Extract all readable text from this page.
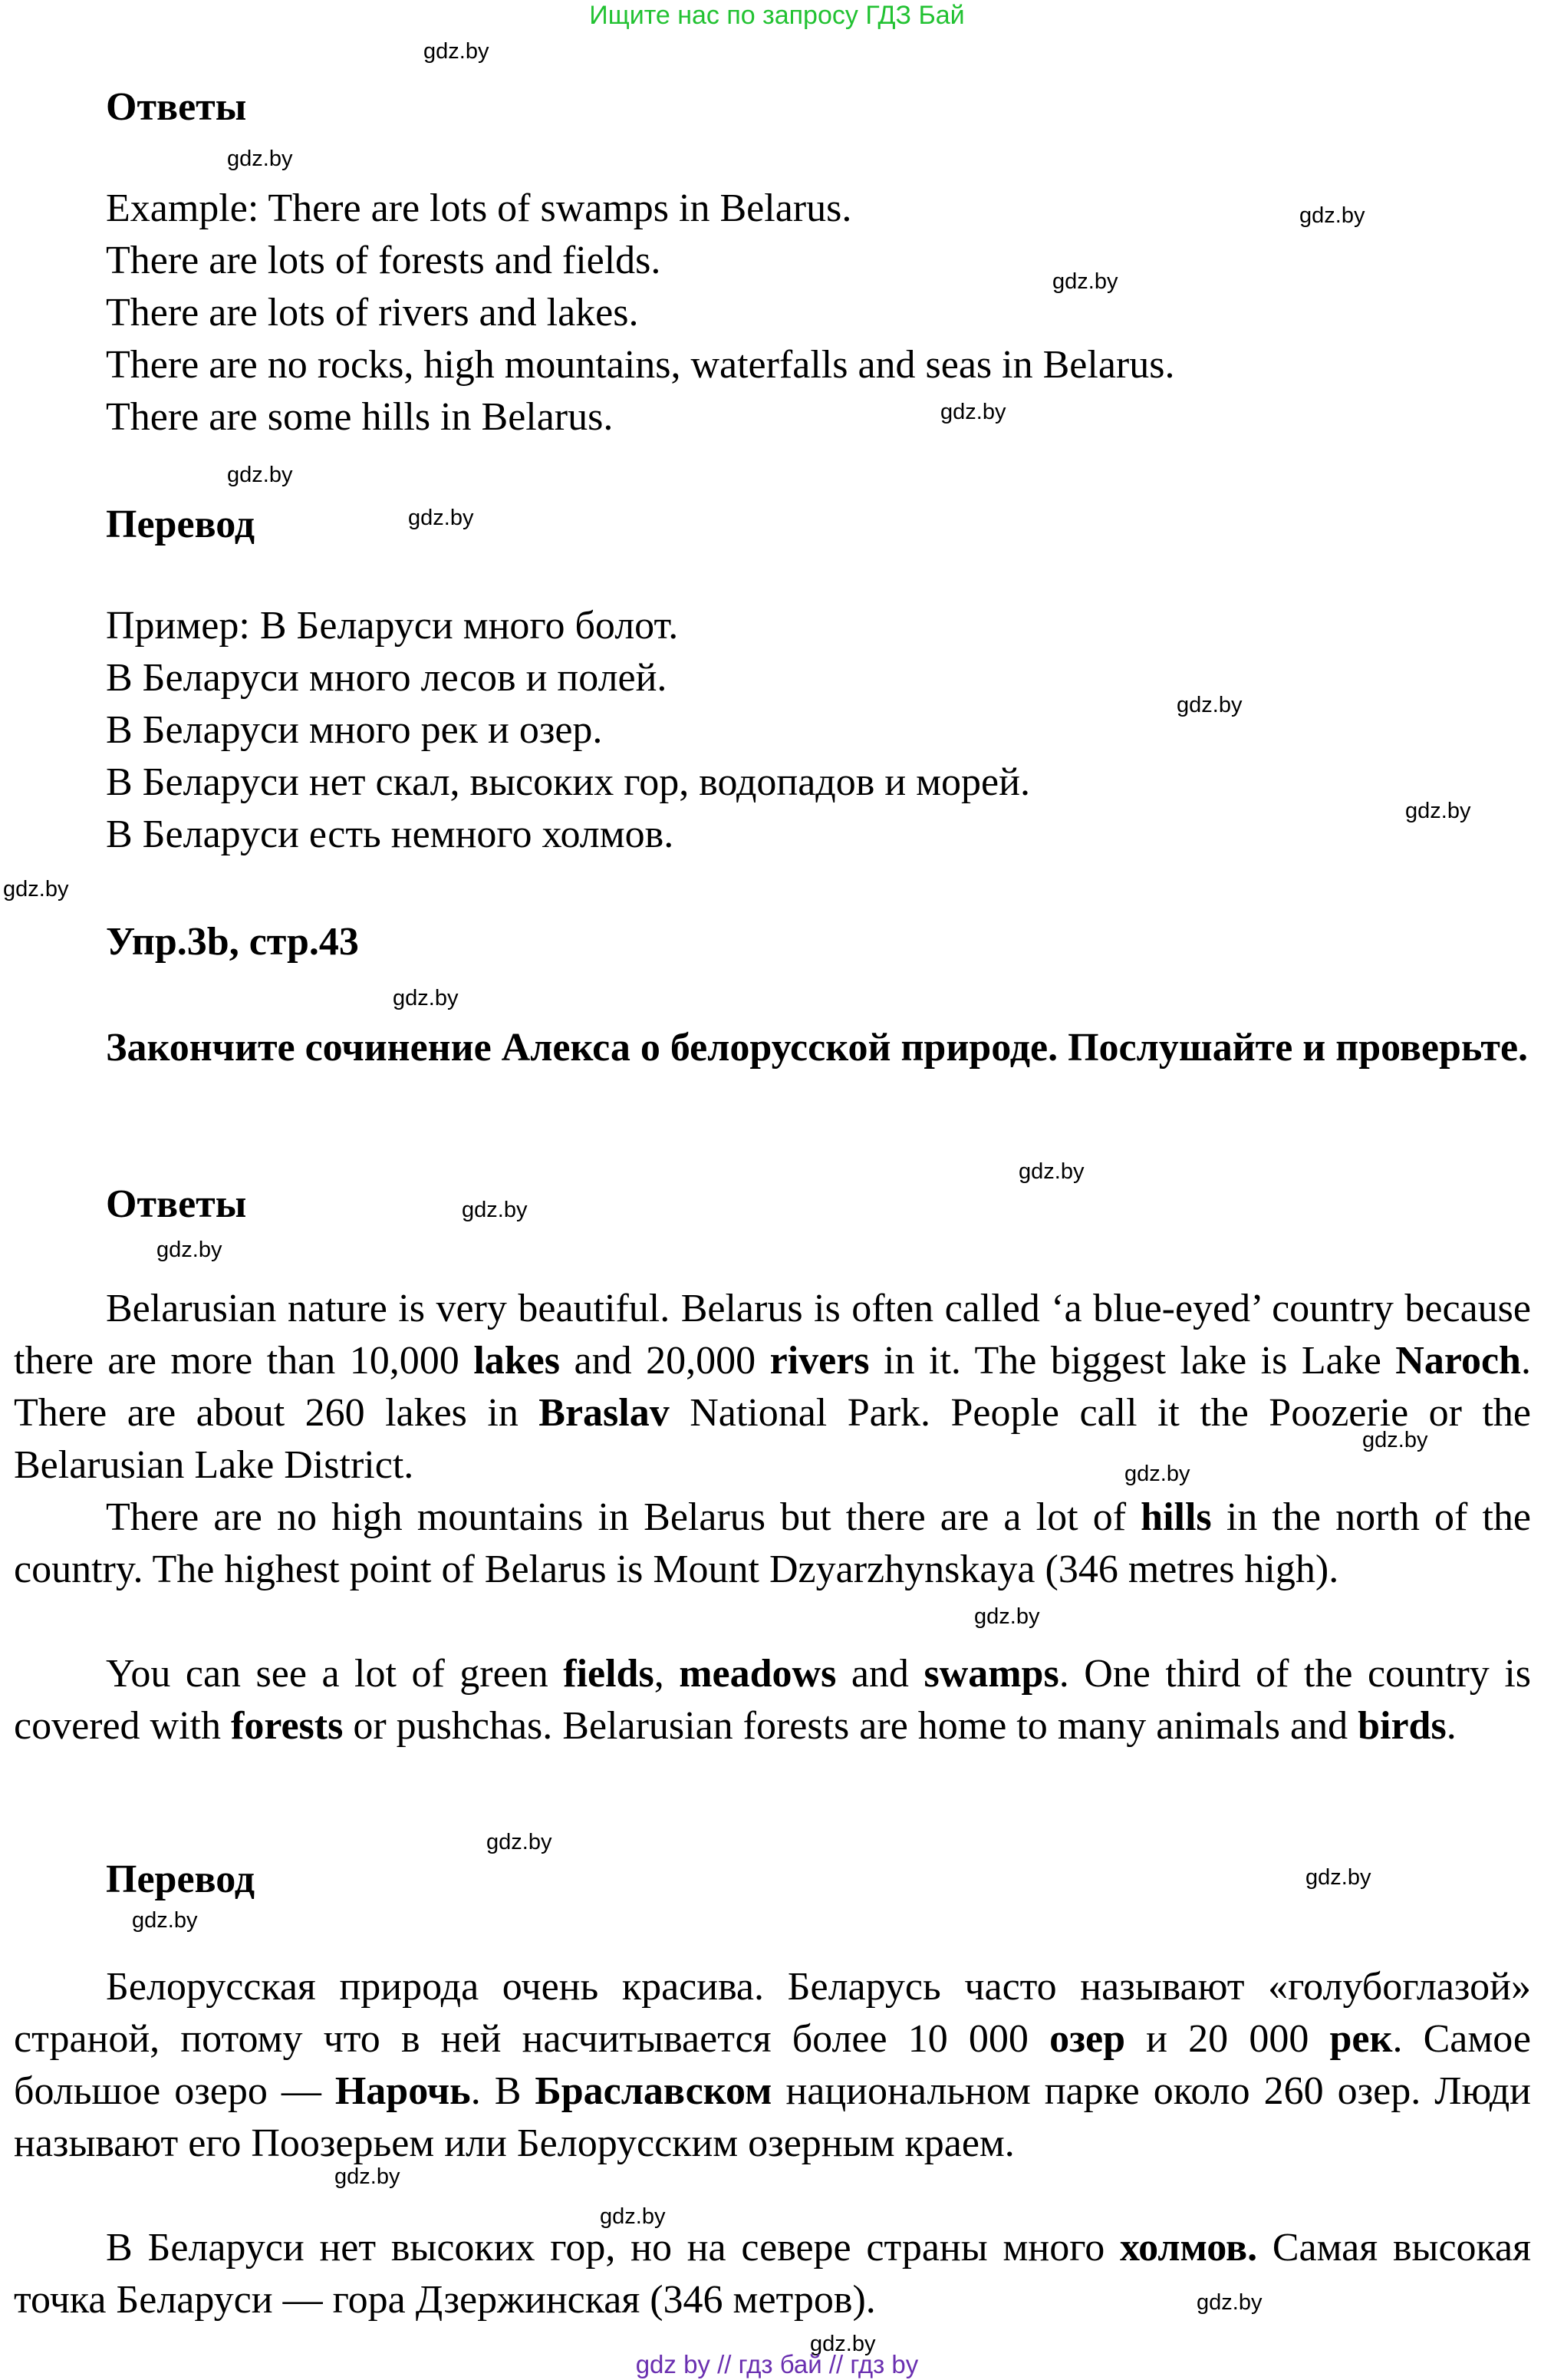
Ищите нас по запросу ГДЗ Бай
Ответы
Example: There are lots of swamps in Belarus.
There are lots of forests and fields.
There are lots of rivers and lakes.
There are no rocks, high mountains, waterfalls and seas in Belarus.
There are some hills in Belarus.
Перевод
Пример: В Беларуси много болот.
В Беларуси много лесов и полей.
В Беларуси много рек и озер.
В Беларуси нет скал, высоких гор, водопадов и морей.
В Беларуси есть немного холмов.
Упр.3b, стр.43

Закончите сочинение Алекса о белорусской природе. Послушайте и проверьте.

Ответы

Belarusian nature is very beautiful. Belarus is often called ‘a blue-eyed’ country because there are more than 10,000 lakes and 20,000 rivers in it. The biggest lake is Lake Naroch. There are about 260 lakes in Braslav National Park. People call it the Poozerie or the Belarusian Lake District.

There are no high mountains in Belarus but there are a lot of hills in the north of the country. The highest point of Belarus is Mount Dzyarzhynskaya (346 metres high).

You can see a lot of green fields, meadows and swamps. One third of the country is covered with forests or pushchas. Belarusian forests are home to many animals and birds.

Перевод

Белорусская природа очень красива. Беларусь часто называют «голубоглазой» страной, потому что в ней насчитывается более 10 000 озер и 20 000 рек. Самое большое озеро — Нарочь. В Браславском национальном парке около 260 озер. Люди называют его Поозерьем или Белорусским озерным краем.

В Беларуси нет высоких гор, но на севере страны много холмов. Самая высокая точка Беларуси — гора Дзержинская (346 метров).

gdz.by
gdz.by
gdz.by
gdz.by
gdz.by
gdz.by
gdz.by
gdz.by
gdz.by
gdz.by
gdz.by
gdz.by
gdz.by
gdz.by
gdz.by
gdz.by
gdz.by
gdz.by
gdz.by
gdz.by
gdz.by
gdz.by
gdz.by
gdz.by
gdz by // гдз бай // гдз by
